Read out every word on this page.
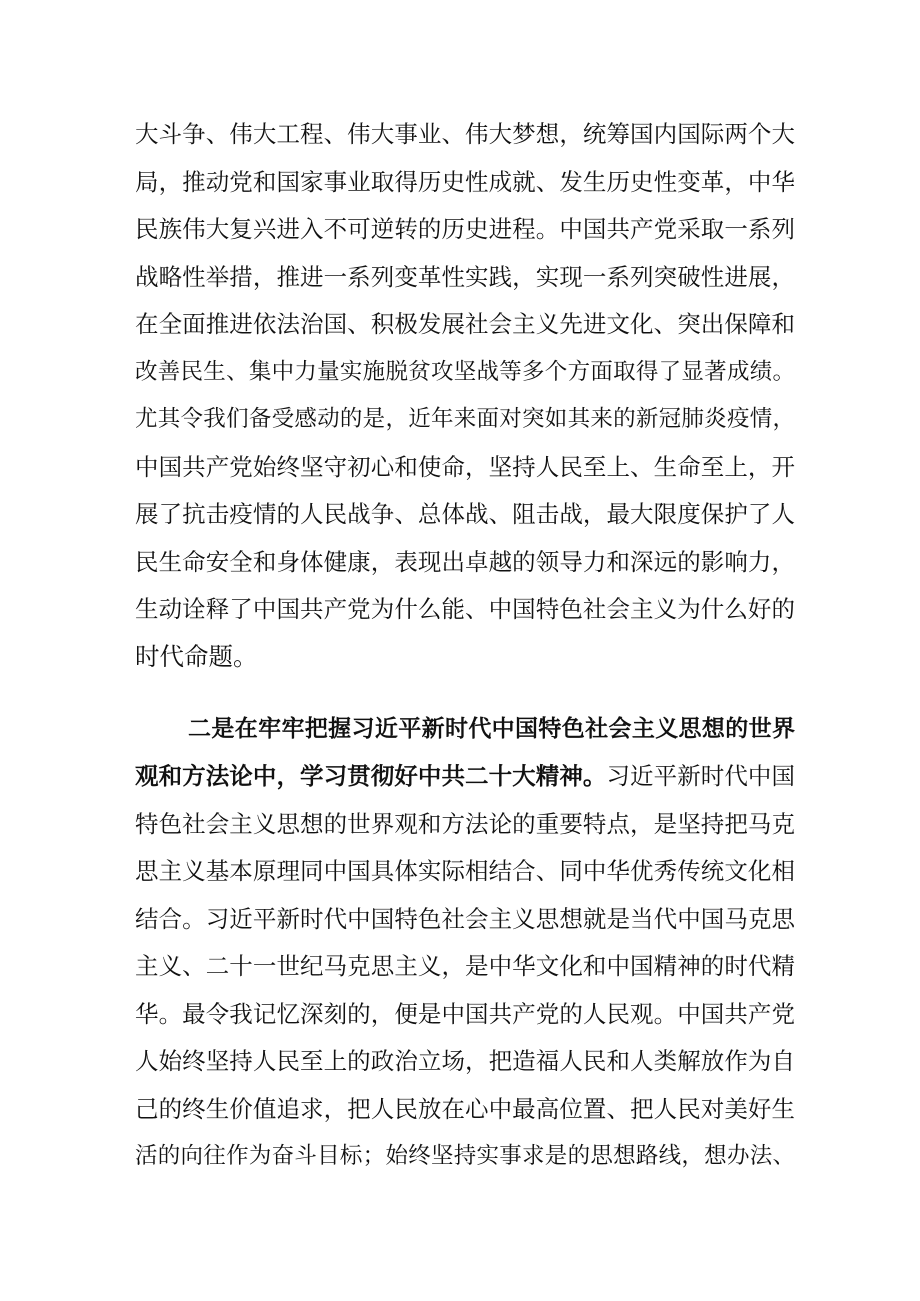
大斗争、伟大工程、伟大事业、伟大梦想，统筹国内国际两个大
局，推动党和国家事业取得历史性成就、发生历史性变革，中华
民族伟大复兴进入不可逆转的历史进程。中国共产党采取一系列
战略性举措，推进一系列变革性实践，实现一系列突破性进展，
在全面推进依法治国、积极发展社会主义先进文化、突出保障和
改善民生、集中力量实施脱贫攻坚战等多个方面取得了显著成绩。
尤其令我们备受感动的是，近年来面对突如其来的新冠肺炎疫情，
中国共产党始终坚守初心和使命，坚持人民至上、生命至上，开
展了抗击疫情的人民战争、总体战、阻击战，最大限度保护了人
民生命安全和身体健康，表现出卓越的领导力和深远的影响力，
生动诠释了中国共产党为什么能、中国特色社会主义为什么好的
时代命题。
二是在牢牢把握习近平新时代中国特色社会主义思想的世界
观和方法论中，学习贯彻好中共二十大精神。习近平新时代中国
特色社会主义思想的世界观和方法论的重要特点，是坚持把马克
思主义基本原理同中国具体实际相结合、同中华优秀传统文化相
结合。习近平新时代中国特色社会主义思想就是当代中国马克思
主义、二十一世纪马克思主义，是中华文化和中国精神的时代精
华。最令我记忆深刻的，便是中国共产党的人民观。中国共产党
人始终坚持人民至上的政治立场，把造福人民和人类解放作为自
己的终生价值追求，把人民放在心中最高位置、把人民对美好生
活的向往作为奋斗目标；始终坚持实事求是的思想路线，想办法、
